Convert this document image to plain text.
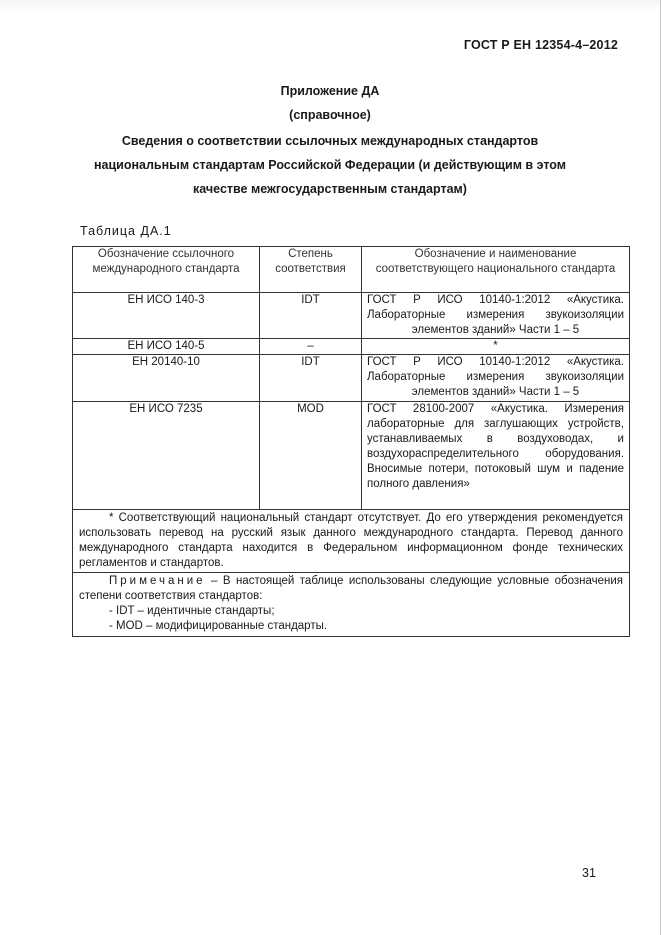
ГОСТ Р ЕН 12354-4–2012
Приложение ДА
(справочное)
Сведения о соответствии ссылочных международных стандартов
национальным стандартам Российской Федерации (и действующим в этом
качестве межгосударственным стандартам)
Таблица ДА.1
Обозначение ссылочного международного стандарта	Степень соответствия	Обозначение и наименование соответствующего национального стандарта
ЕН ИСО 140-3	IDT	ГОСТ Р ИСО 10140-1:2012 «Акустика. Лабораторные измерения звукоизоляции элементов зданий» Части 1 – 5
ЕН ИСО 140-5	–	*
ЕН 20140-10	IDT	ГОСТ Р ИСО 10140-1:2012 «Акустика. Лабораторные измерения звукоизоляции элементов зданий» Части 1 – 5
ЕН ИСО 7235	MOD	ГОСТ 28100-2007 «Акустика. Измерения лабораторные для заглушающих устройств, устанавливаемых в воздуховодах, и воздухораспределительного оборудования. Вносимые потери, потоковый шум и падение полного давления»
* Соответствующий национальный стандарт отсутствует. До его утверждения рекомендуется использовать перевод на русский язык данного международного стандарта. Перевод данного международного стандарта находится в Федеральном информационном фонде технических регламентов и стандартов.		

Примечание – В настоящей таблице использованы следующие условные обозначения степени соответствия стандартов:
- IDT – идентичные стандарты;
- MOD – модифицированные стандарты.		
31
